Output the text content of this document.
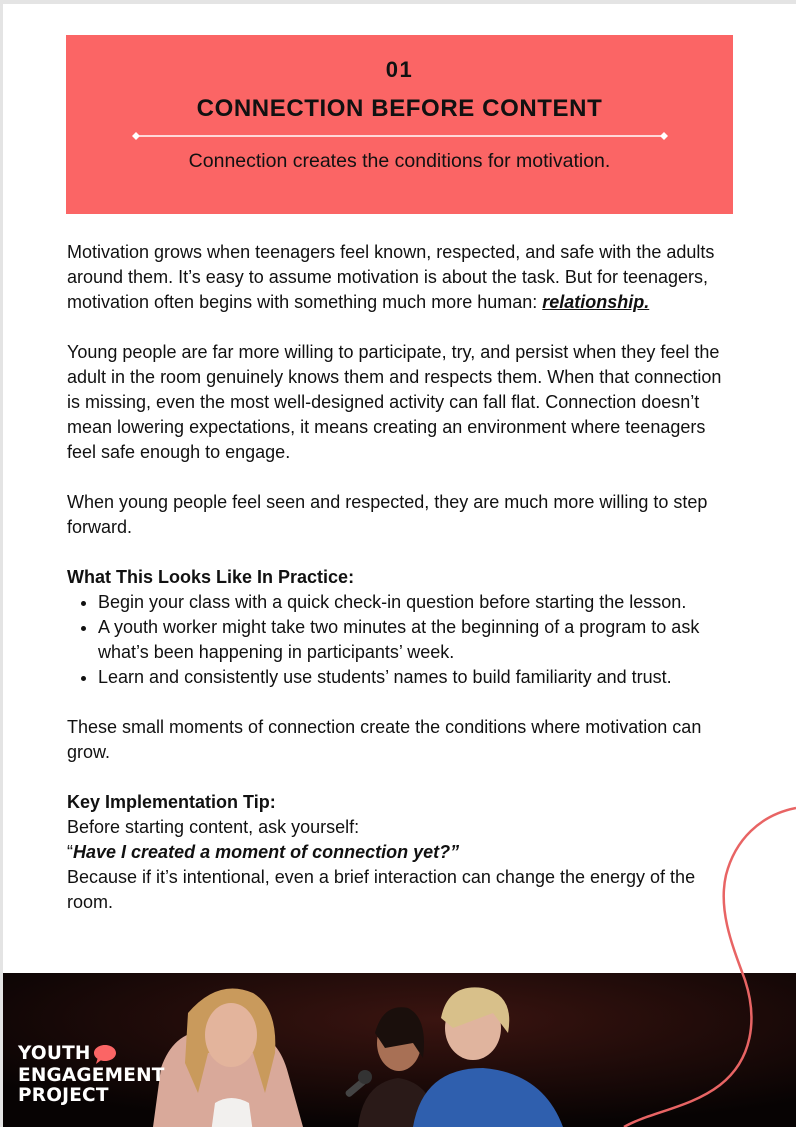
01
CONNECTION BEFORE CONTENT
Connection creates the conditions for motivation.

Motivation grows when teenagers feel known, respected, and safe with the adults around them. It’s easy to assume motivation is about the task. But for teenagers, motivation often begins with something much more human: relationship.

Young people are far more willing to participate, try, and persist when they feel the adult in the room genuinely knows them and respects them. When that connection is missing, even the most well-designed activity can fall flat. Connection doesn’t mean lowering expectations, it means creating an environment where teenagers feel safe enough to engage.

When young people feel seen and respected, they are much more willing to step forward.

What This Looks Like In Practice:
• Begin your class with a quick check-in question before starting the lesson.
• A youth worker might take two minutes at the beginning of a program to ask what’s been happening in participants’ week.
• Learn and consistently use students’ names to build familiarity and trust.

These small moments of connection create the conditions where motivation can grow.

Key Implementation Tip:

Before starting content, ask yourself:

“Have I created a moment of connection yet?”

Because if it’s intentional, even a brief interaction can change the energy of the room.

YOUTH
ENGAGEMENT
PROJECT
